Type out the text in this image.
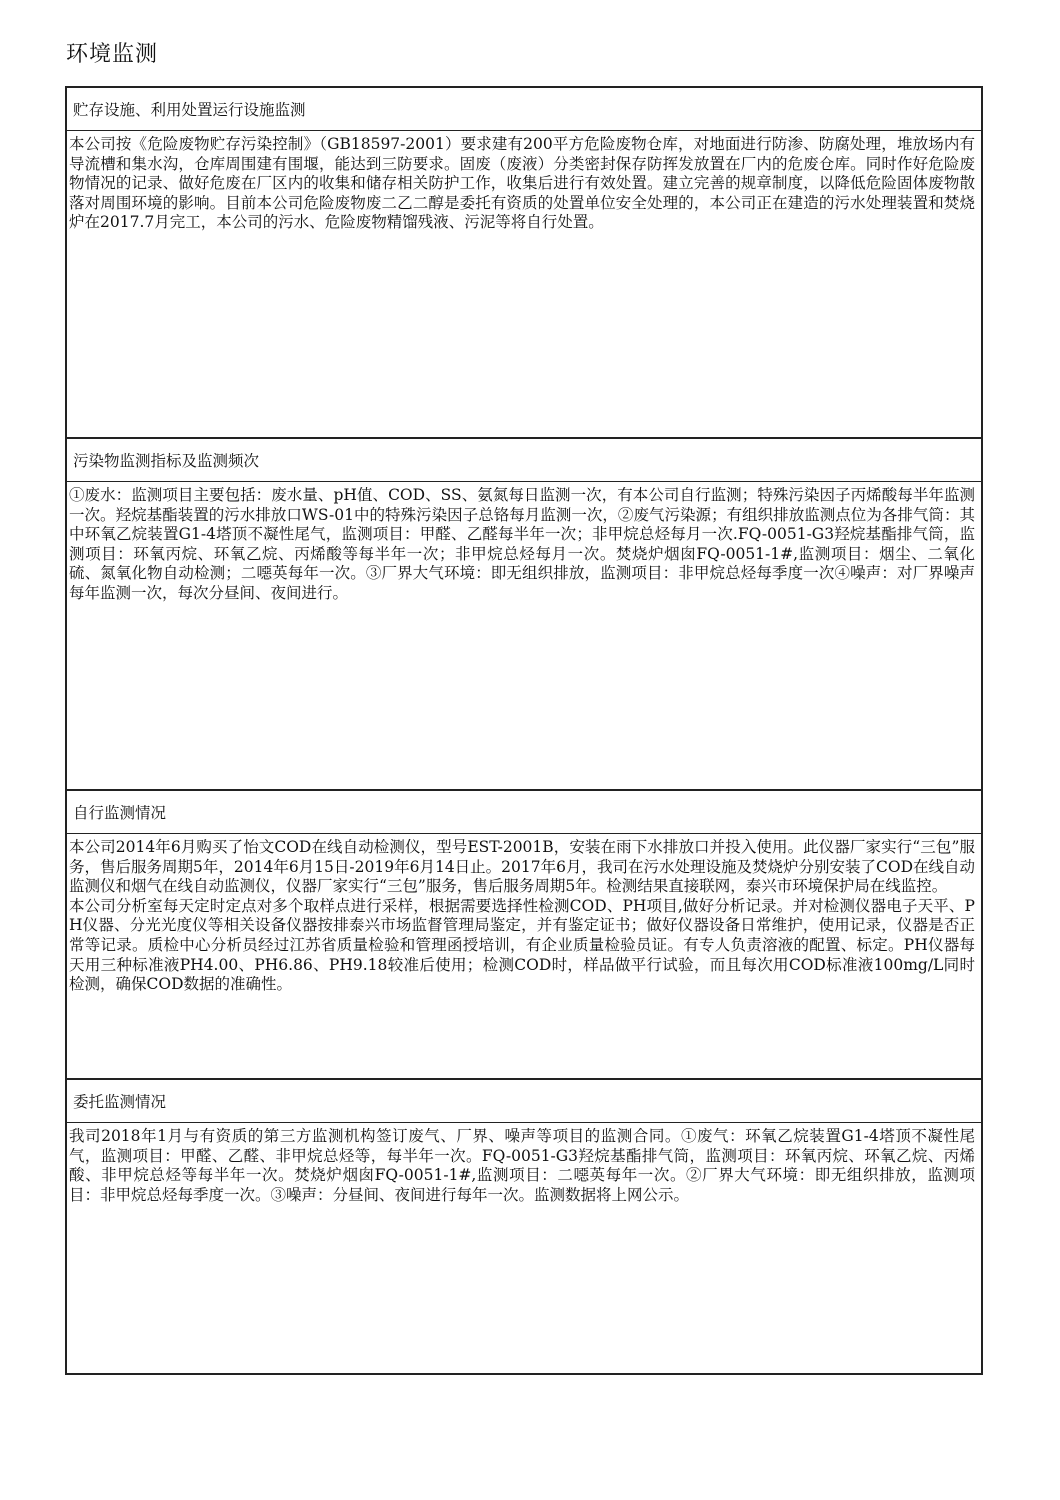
环境监测
贮存设施、利用处置运行设施监测

本公司按《危险废物贮存污染控制》（GB18597-2001）要求建有200平方危险废物仓库，对地面进行防渗、防腐处理，堆放场内有导流槽和集水沟，仓库周围建有围堰，能达到三防要求。固废（废液）分类密封保存防挥发放置在厂内的危废仓库。同时作好危险废物情况的记录、做好危废在厂区内的收集和储存相关防护工作，收集后进行有效处置。建立完善的规章制度，以降低危险固体废物散落对周围环境的影响。目前本公司危险废物废二乙二醇是委托有资质的处置单位安全处理的，本公司正在建造的污水处理装置和焚烧炉在2017.7月完工，本公司的污水、危险废物精馏残液、污泥等将自行处置。

污染物监测指标及监测频次

①废水：监测项目主要包括：废水量、pH值、COD、SS、氨氮每日监测一次，有本公司自行监测；特殊污染因子丙烯酸每半年监测一次。羟烷基酯装置的污水排放口WS-01中的特殊污染因子总铬每月监测一次，②废气污染源；有组织排放监测点位为各排气筒：其中环氧乙烷装置G1-4塔顶不凝性尾气，监测项目：甲醛、乙醛每半年一次；非甲烷总烃每月一次.FQ-0051-G3羟烷基酯排气筒，监测项目：环氧丙烷、环氧乙烷、丙烯酸等每半年一次；非甲烷总烃每月一次。焚烧炉烟囱FQ-0051-1#,监测项目：烟尘、二氧化硫、氮氧化物自动检测；二噁英每年一次。③厂界大气环境：即无组织排放，监测项目：非甲烷总烃每季度一次④噪声：对厂界噪声每年监测一次，每次分昼间、夜间进行。

自行监测情况

本公司2014年6月购买了怡文COD在线自动检测仪，型号EST-2001B，安装在雨下水排放口并投入使用。此仪器厂家实行“三包”服务，售后服务周期5年，2014年6月15日-2019年6月14日止。2017年6月，我司在污水处理设施及焚烧炉分别安装了COD在线自动监测仪和烟气在线自动监测仪，仪器厂家实行“三包”服务，售后服务周期5年。检测结果直接联网，泰兴市环境保护局在线监控。

本公司分析室每天定时定点对多个取样点进行采样，根据需要选择性检测COD、PH项目,做好分析记录。并对检测仪器电子天平、PH仪器、分光光度仪等相关设备仪器按排泰兴市场监督管理局鉴定，并有鉴定证书；做好仪器设备日常维护，使用记录，仪器是否正常等记录。质检中心分析员经过江苏省质量检验和管理函授培训，有企业质量检验员证。有专人负责溶液的配置、标定。PH仪器每天用三种标准液PH4.00、PH6.86、PH9.18较准后使用；检测COD时，样品做平行试验，而且每次用COD标准液100mg/L同时检测，确保COD数据的准确性。

委托监测情况

我司2018年1月与有资质的第三方监测机构签订废气、厂界、噪声等项目的监测合同。①废气：环氧乙烷装置G1-4塔顶不凝性尾气，监测项目：甲醛、乙醛、非甲烷总烃等，每半年一次。FQ-0051-G3羟烷基酯排气筒，监测项目：环氧丙烷、环氧乙烷、丙烯酸、非甲烷总烃等每半年一次。焚烧炉烟囱FQ-0051-1#,监测项目：二噁英每年一次。②厂界大气环境：即无组织排放，监测项目：非甲烷总烃每季度一次。③噪声：分昼间、夜间进行每年一次。监测数据将上网公示。
